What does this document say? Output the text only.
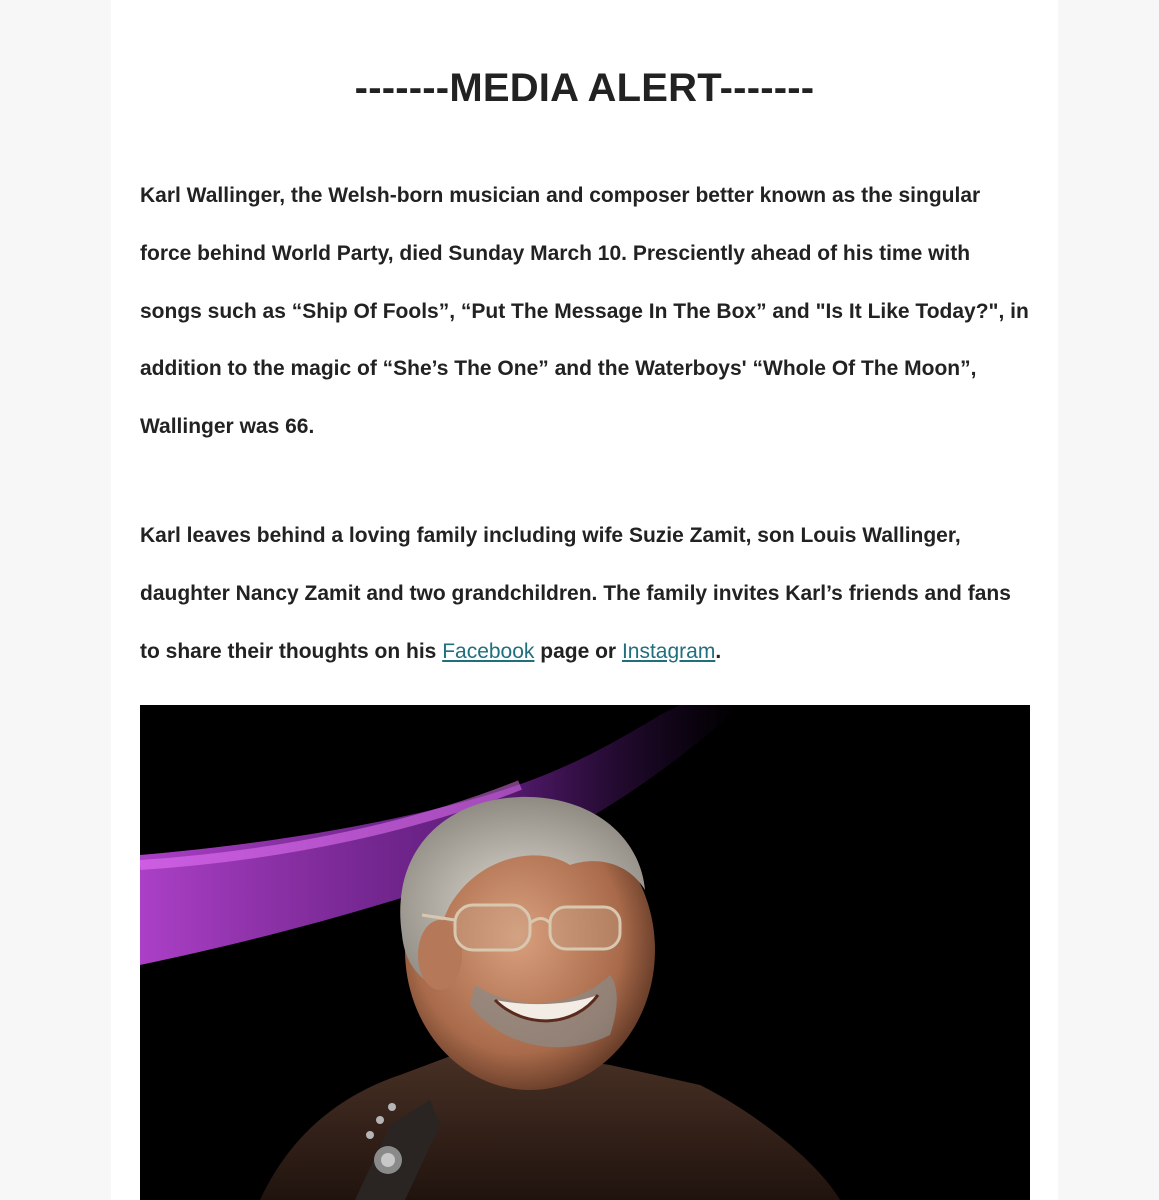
-------MEDIA ALERT-------

Karl Wallinger, the Welsh-born musician and composer better known as the singular force behind World Party, died Sunday March 10. Presciently ahead of his time with songs such as “Ship Of Fools”, “Put The Message In The Box” and "Is It Like Today?", in addition to the magic of “She’s The One” and the Waterboys' “Whole Of The Moon”, Wallinger was 66.

Karl leaves behind a loving family including wife Suzie Zamit, son Louis Wallinger, daughter Nancy Zamit and two grandchildren. The family invites Karl’s friends and fans to share their thoughts on his Facebook page or Instagram.
